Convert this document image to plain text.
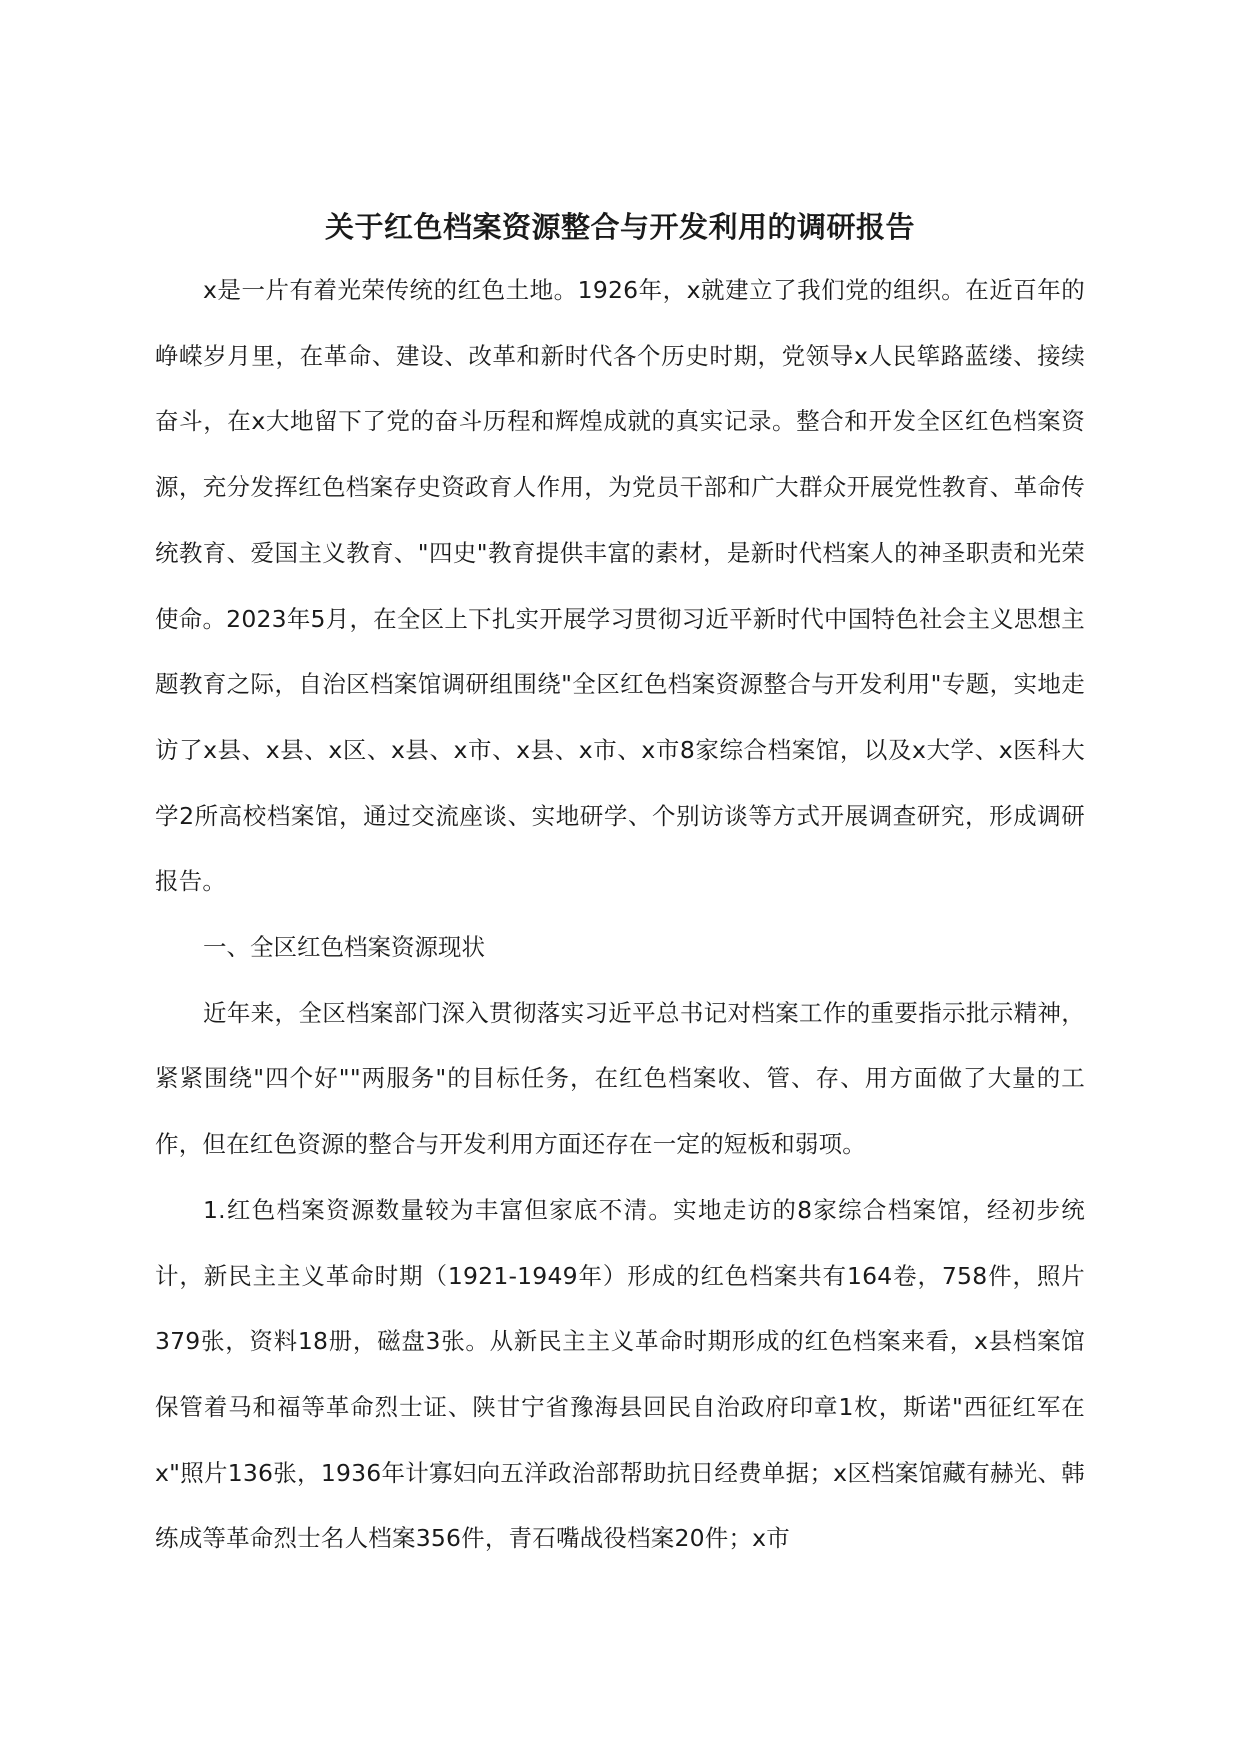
关于红色档案资源整合与开发利用的调研报告

x是一片有着光荣传统的红色土地。1926年，x就建立了我们党的组织。在近百年的峥嵘岁月里，在革命、建设、改革和新时代各个历史时期，党领导x人民筚路蓝缕、接续奋斗，在x大地留下了党的奋斗历程和辉煌成就的真实记录。整合和开发全区红色档案资源，充分发挥红色档案存史资政育人作用，为党员干部和广大群众开展党性教育、革命传统教育、爱国主义教育、"四史"教育提供丰富的素材，是新时代档案人的神圣职责和光荣使命。2023年5月，在全区上下扎实开展学习贯彻习近平新时代中国特色社会主义思想主题教育之际，自治区档案馆调研组围绕"全区红色档案资源整合与开发利用"专题，实地走访了x县、x县、x区、x县、x市、x县、x市、x市8家综合档案馆，以及x大学、x医科大学2所高校档案馆，通过交流座谈、实地研学、个别访谈等方式开展调查研究，形成调研报告。

一、全区红色档案资源现状

近年来，全区档案部门深入贯彻落实习近平总书记对档案工作的重要指示批示精神，紧紧围绕"四个好""两服务"的目标任务，在红色档案收、管、存、用方面做了大量的工作，但在红色资源的整合与开发利用方面还存在一定的短板和弱项。

1.红色档案资源数量较为丰富但家底不清。实地走访的8家综合档案馆，经初步统计，新民主主义革命时期（1921-1949年）形成的红色档案共有164卷，758件，照片379张，资料18册，磁盘3张。从新民主主义革命时期形成的红色档案来看，x县档案馆保管着马和福等革命烈士证、陕甘宁省豫海县回民自治政府印章1枚，斯诺"西征红军在x"照片136张，1936年计寡妇向五洋政治部帮助抗日经费单据；x区档案馆藏有赫光、韩练成等革命烈士名人档案356件，青石嘴战役档案20件；x市
